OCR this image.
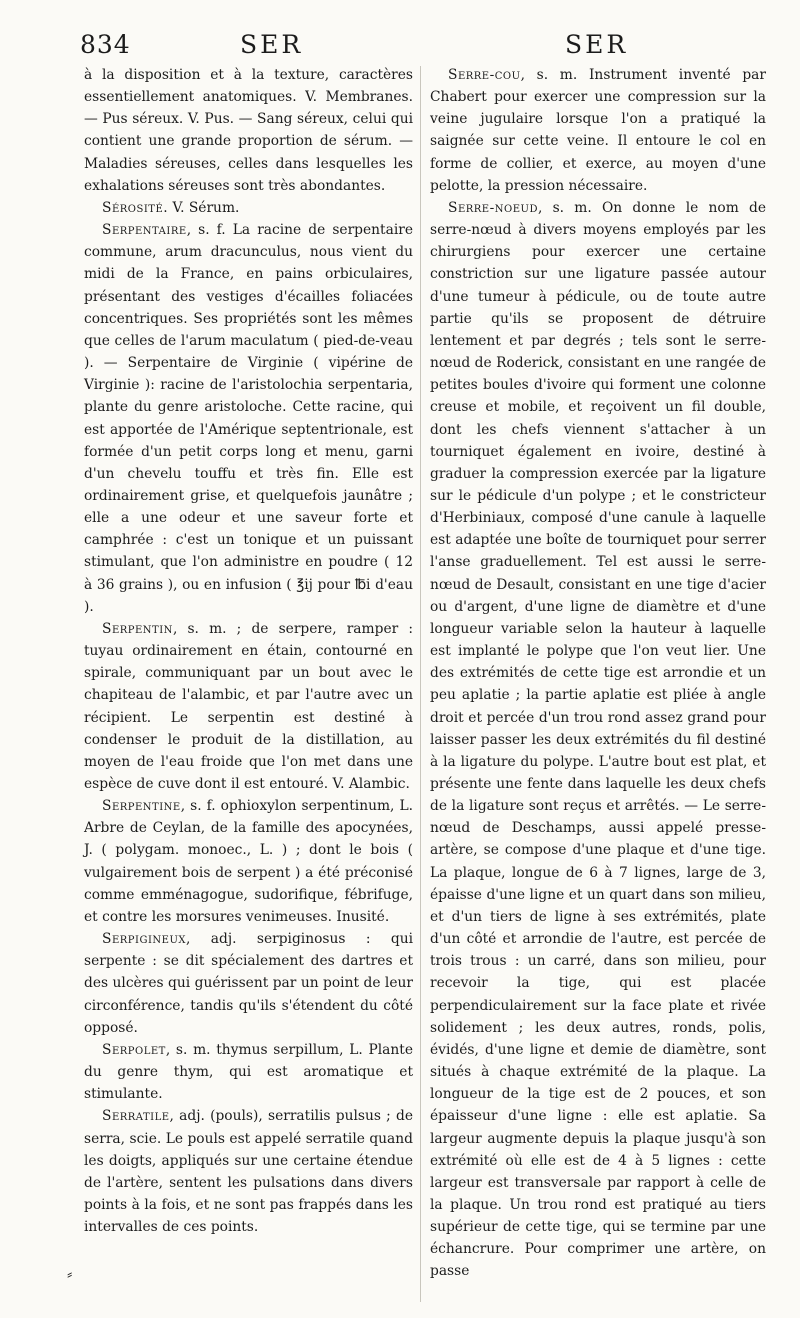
834	SER	SER

à la disposition et à la texture, caractères essentiellement anatomiques. V. Membranes. — Pus séreux. V. Pus. — Sang séreux, celui qui contient une grande proportion de sérum. — Maladies séreuses, celles dans lesquelles les exhalations séreuses sont très abondantes.

Sérosité. V. Sérum.

Serpentaire, s. f. La racine de serpentaire commune, arum dracunculus, nous vient du midi de la France, en pains orbiculaires, présentant des vestiges d'écailles foliacées concentriques. Ses propriétés sont les mêmes que celles de l'arum maculatum ( pied-de-veau ). — Serpentaire de Virginie ( vipérine de Virginie ): racine de l'aristolochia serpentaria, plante du genre aristoloche. Cette racine, qui est apportée de l'Amérique septentrionale, est formée d'un petit corps long et menu, garni d'un chevelu touffu et très fin. Elle est ordinairement grise, et quelquefois jaunâtre ; elle a une odeur et une saveur forte et camphrée : c'est un tonique et un puissant stimulant, que l'on administre en poudre ( 12 à 36 grains ), ou en infusion ( ℥ij pour ℔i d'eau ).

Serpentin, s. m. ; de serpere, ramper : tuyau ordinairement en étain, contourné en spirale, communiquant par un bout avec le chapiteau de l'alambic, et par l'autre avec un récipient. Le serpentin est destiné à condenser le produit de la distillation, au moyen de l'eau froide que l'on met dans une espèce de cuve dont il est entouré. V. Alambic.

Serpentine, s. f. ophioxylon serpentinum, L. Arbre de Ceylan, de la famille des apocynées, J. ( polygam. monoec., L. ) ; dont le bois ( vulgairement bois de serpent ) a été préconisé comme emménagogue, sudorifique, fébrifuge, et contre les morsures venimeuses. Inusité.

Serpigineux, adj. serpiginosus : qui serpente : se dit spécialement des dartres et des ulcères qui guérissent par un point de leur circonférence, tandis qu'ils s'étendent du côté opposé.

Serpolet, s. m. thymus serpillum, L. Plante du genre thym, qui est aromatique et stimulante.

Serratile, adj. (pouls), serratilis pulsus ; de serra, scie. Le pouls est appelé serratile quand les doigts, appliqués sur une certaine étendue de l'artère, sentent les pulsations dans divers points à la fois, et ne sont pas frappés dans les intervalles de ces points.

Serre-cou, s. m. Instrument inventé par Chabert pour exercer une compression sur la veine jugulaire lorsque l'on a pratiqué la saignée sur cette veine. Il entoure le col en forme de collier, et exerce, au moyen d'une pelotte, la pression nécessaire.

Serre-noeud, s. m. On donne le nom de serre-nœud à divers moyens employés par les chirurgiens pour exercer une certaine constriction sur une ligature passée autour d'une tumeur à pédicule, ou de toute autre partie qu'ils se proposent de détruire lentement et par degrés ; tels sont le serre-nœud de Roderick, consistant en une rangée de petites boules d'ivoire qui forment une colonne creuse et mobile, et reçoivent un fil double, dont les chefs viennent s'attacher à un tourniquet également en ivoire, destiné à graduer la compression exercée par la ligature sur le pédicule d'un polype ; et le constricteur d'Herbiniaux, composé d'une canule à laquelle est adaptée une boîte de tourniquet pour serrer l'anse graduellement. Tel est aussi le serre-nœud de Desault, consistant en une tige d'acier ou d'argent, d'une ligne de diamètre et d'une longueur variable selon la hauteur à laquelle est implanté le polype que l'on veut lier. Une des extrémités de cette tige est arrondie et un peu aplatie ; la partie aplatie est pliée à angle droit et percée d'un trou rond assez grand pour laisser passer les deux extrémités du fil destiné à la ligature du polype. L'autre bout est plat, et présente une fente dans laquelle les deux chefs de la ligature sont reçus et arrêtés. — Le serre-nœud de Deschamps, aussi appelé presse-artère, se compose d'une plaque et d'une tige. La plaque, longue de 6 à 7 lignes, large de 3, épaisse d'une ligne et un quart dans son milieu, et d'un tiers de ligne à ses extrémités, plate d'un côté et arrondie de l'autre, est percée de trois trous : un carré, dans son milieu, pour recevoir la tige, qui est placée perpendiculairement sur la face plate et rivée solidement ; les deux autres, ronds, polis, évidés, d'une ligne et demie de diamètre, sont situés à chaque extrémité de la plaque. La longueur de la tige est de 2 pouces, et son épaisseur d'une ligne : elle est aplatie. Sa largeur augmente depuis la plaque jusqu'à son extrémité où elle est de 4 à 5 lignes : cette largeur est transversale par rapport à celle de la plaque. Un trou rond est pratiqué au tiers supérieur de cette tige, qui se termine par une échancrure. Pour comprimer une artère, on passe

⸗
